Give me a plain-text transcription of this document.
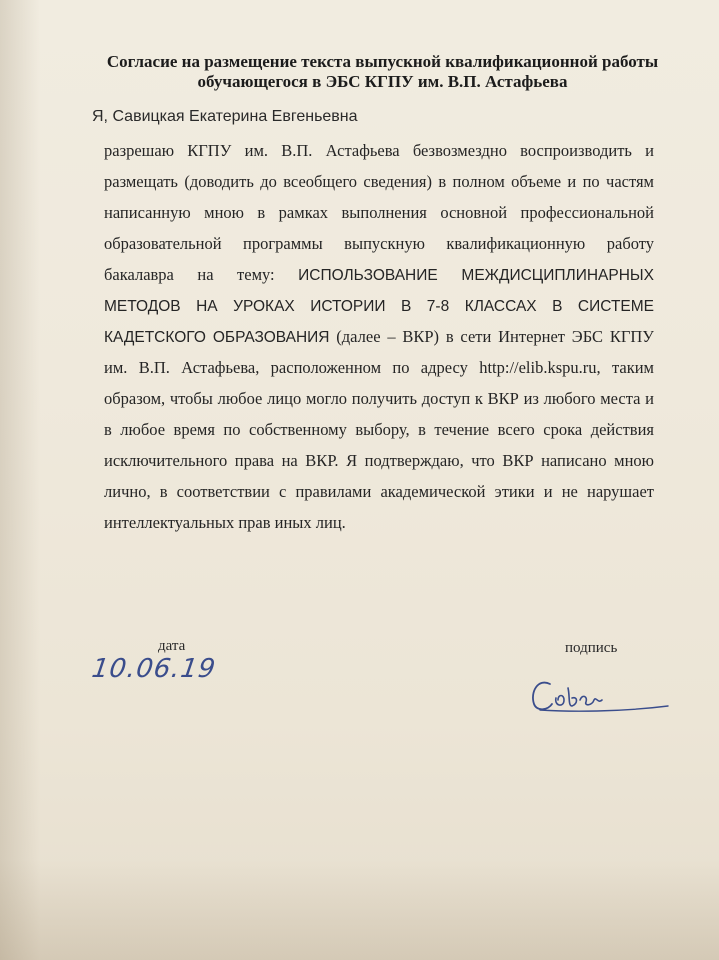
Согласие на размещение текста выпускной квалификационной работы
обучающегося в ЭБС КГПУ им. В.П. Астафьева
Я, Савицкая Екатерина Евгеньевна
разрешаю КГПУ им. В.П. Астафьева безвозмездно воспроизводить и
размещать (доводить до всеобщего сведения) в полном объеме и по частям
написанную мною в рамках выполнения основной профессиональной
образовательной программы выпускную квалификационную работу
бакалавра на тему: ИСПОЛЬЗОВАНИЕ МЕЖДИСЦИПЛИНАРНЫХ
МЕТОДОВ НА УРОКАХ ИСТОРИИ В 7-8 КЛАССАХ В СИСТЕМЕ
КАДЕТСКОГО ОБРАЗОВАНИЯ (далее – ВКР) в сети Интернет ЭБС КГПУ
им. В.П. Астафьева, расположенном по адресу http://elib.kspu.ru, таким
образом, чтобы любое лицо могло получить доступ к ВКР из любого места и
в любое время по собственному выбору, в течение всего срока действия
исключительного права на ВКР. Я подтверждаю, что ВКР написано мною
лично, в соответствии с правилами академической этики и не нарушает
интеллектуальных прав иных лиц.
дата	подпись
10.06.19
